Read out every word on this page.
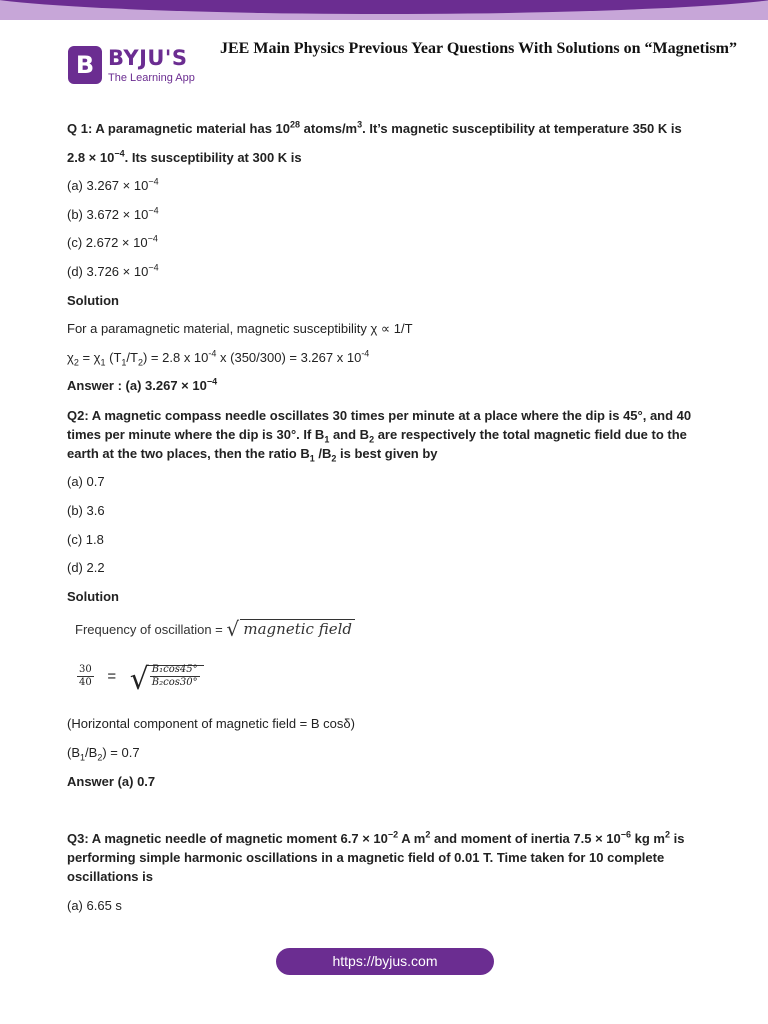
B BYJU'S
The Learning App
JEE Main Physics Previous Year Questions With Solutions on “Magnetism”
Q 1: A paramagnetic material has $10^{28}$ atoms/$m^3$. It’s magnetic susceptibility at temperature 350 K is
$2.8 \times 10^{-4}$. Its susceptibility at 300 K is
(a) $3.267 \times 10^{-4}$
(b) $3.672 \times 10^{-4}$
(c) $2.672 \times 10^{-4}$
(d) $3.726 \times 10^{-4}$
Solution
For a paramagnetic material, magnetic susceptibility χ ∝ 1/T
$\chi_2 = \chi_1$ $(T_1/T_2) = 2.8$ x $10^{-4}$ x (350/300) = 3.267 x $10^{-4}$
Answer : (a) $3.267 \times 10^{-4}$
Q2: A magnetic compass needle oscillates 30 times per minute at a place where the dip is 45°, and 40
times per minute where the dip is 30°. If $B_1$ and $B_2$ are respectively the total magnetic field due to the
earth at the two places, then the ratio $B_1$ $/B_2$ is best given by
(a) 0.7
(b) 3.6
(c) 1.8
(d) 2.2
Solution
Frequency of oscillation = √ magnetic field
$\frac{30}{40}$ = √ $\frac{\text{B₁cos45°}}{\text{B₂cos30°}}$
(Horizontal component of magnetic field = B cosδ)
$(B_1/B_2) = 0.7$
Answer (a) 0.7
Q3: A magnetic needle of magnetic moment $6.7 \times 10^{-2}$ A $m^2$ and moment of inertia $7.5 \times 10^{-6}$ kg $m^2$ is
performing simple harmonic oscillations in a magnetic field of 0.01 T. Time taken for 10 complete
oscillations is
(a) 6.65 s
https://byjus.com
